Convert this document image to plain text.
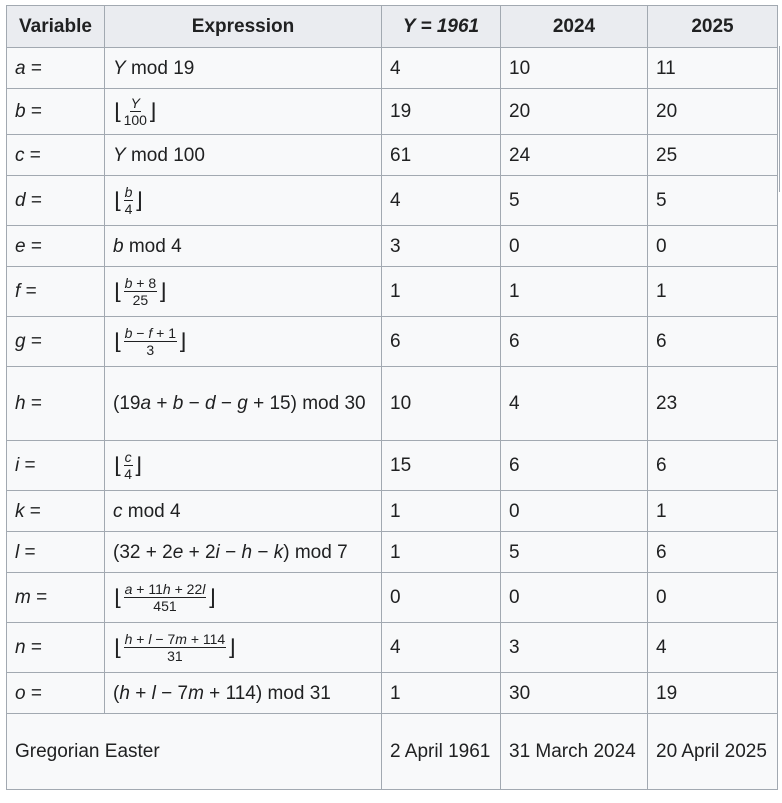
Variable	Expression	Y = 1961	2024	2025
a =	Y mod 19	4	10	11
b =	⌊ $\frac{Y}{100}$ ⌋	19	20	20
c =	Y mod 100	61	24	25
d =	⌊ $\frac{b}{4}$ ⌋	4	5	5
e =	b mod 4	3	0	0
f =	⌊ $\frac{b + 8}{25}$ ⌋	1	1	1
g =	⌊ $\frac{b - f + 1}{3}$ ⌋	6	6	6
h =	(19a + b − d − g + 15) mod 30	10	4	23
i =	⌊ $\frac{c}{4}$ ⌋	15	6	6
k =	c mod 4	1	0	1
l =	(32 + 2e + 2i − h − k) mod 7	1	5	6
m =	⌊ $\frac{a + 11h + 22l}{451}$ ⌋	0	0	0
n =	⌊ $\frac{h + l - 7m + 114}{31}$ ⌋	4	3	4
o =	(h + l − 7m + 114) mod 31	1	30	19
Gregorian Easter		2 April 1961	31 March 2024	20 April 2025
